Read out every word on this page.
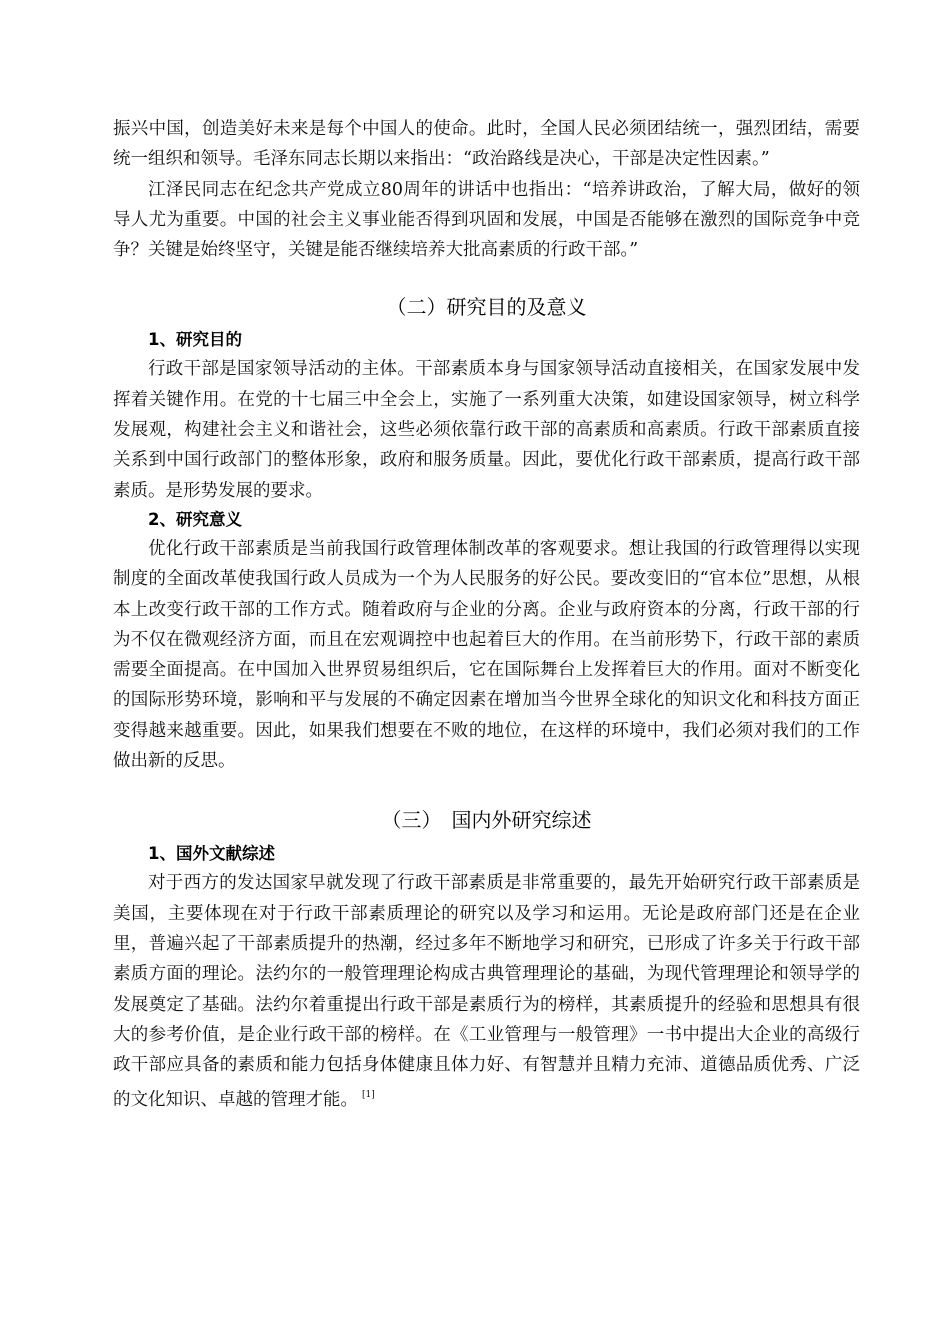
振兴中国，创造美好未来是每个中国人的使命。此时，全国人民必须团结统一，强烈团结，需要统一组织和领导。毛泽东同志长期以来指出：“政治路线是决心，干部是决定性因素。”

江泽民同志在纪念共产党成立80周年的讲话中也指出：“培养讲政治，了解大局，做好的领导人尤为重要。中国的社会主义事业能否得到巩固和发展，中国是否能够在激烈的国际竞争中竞争？关键是始终坚守，关键是能否继续培养大批高素质的行政干部。”

（二）研究目的及意义
1、研究目的

行政干部是国家领导活动的主体。干部素质本身与国家领导活动直接相关，在国家发展中发挥着关键作用。在党的十七届三中全会上，实施了一系列重大决策，如建设国家领导，树立科学发展观，构建社会主义和谐社会，这些必须依靠行政干部的高素质和高素质。行政干部素质直接关系到中国行政部门的整体形象，政府和服务质量。因此，要优化行政干部素质，提高行政干部素质。是形势发展的要求。

2、研究意义

优化行政干部素质是当前我国行政管理体制改革的客观要求。想让我国的行政管理得以实现制度的全面改革使我国行政人员成为一个为人民服务的好公民。要改变旧的“官本位”思想，从根本上改变行政干部的工作方式。随着政府与企业的分离。企业与政府资本的分离，行政干部的行为不仅在微观经济方面，而且在宏观调控中也起着巨大的作用。在当前形势下，行政干部的素质需要全面提高。在中国加入世界贸易组织后，它在国际舞台上发挥着巨大的作用。面对不断变化的国际形势环境，影响和平与发展的不确定因素在增加当今世界全球化的知识文化和科技方面正变得越来越重要。因此，如果我们想要在不败的地位，在这样的环境中，我们必须对我们的工作做出新的反思。

（三）　国内外研究综述
1、国外文献综述

对于西方的发达国家早就发现了行政干部素质是非常重要的，最先开始研究行政干部素质是美国，主要体现在对于行政干部素质理论的研究以及学习和运用。无论是政府部门还是在企业里，普遍兴起了干部素质提升的热潮，经过多年不断地学习和研究，已形成了许多关于行政干部素质方面的理论。法约尔的一般管理理论构成古典管理理论的基础，为现代管理理论和领导学的发展奠定了基础。法约尔着重提出行政干部是素质行为的榜样，其素质提升的经验和思想具有很大的参考价值，是企业行政干部的榜样。在《工业管理与一般管理》一书中提出大企业的高级行政干部应具备的素质和能力包括身体健康且体力好、有智慧并且精力充沛、道德品质优秀、广泛的文化知识、卓越的管理才能。 [1]
